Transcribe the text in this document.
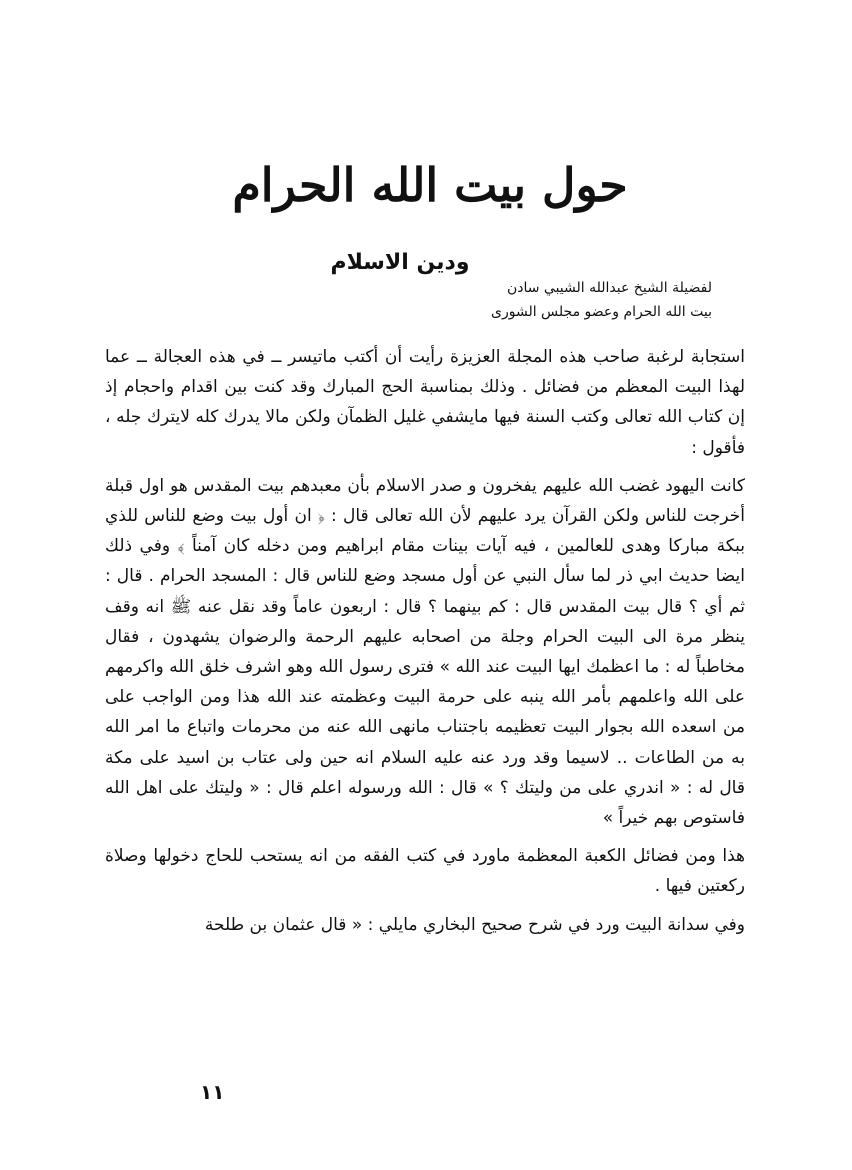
حول بيت الله الحرام
ودين الاسلام
لفضيلة الشيخ عبدالله الشيبي سادن
بيت الله الحرام وعضو مجلس الشورى

استجابة لرغبة صاحب هذه المجلة العزيزة رأيت أن أكتب ماتيسر ــ في هذه العجالة ــ عما لهذا البيت المعظم من فضائل . وذلك بمناسبة الحج المبارك وقد كنت بين اقدام واحجام إذ إن كتاب الله تعالى وكتب السنة فيها مايشفي غليل الظمآن ولكن مالا يدرك كله لايترك جله ، فأقول :

كانت اليهود غضب الله عليهم يفخرون و صدر الاسلام بأن معبدهم بيت المقدس هو اول قبلة أخرجت للناس ولكن القرآن يرد عليهم لأن الله تعالى قال : ﴿ ان أول بيت وضع للناس للذي ببكة مباركا وهدى للعالمين ، فيه آيات بينات مقام ابراهيم ومن دخله كان آمناً ﴾ وفي ذلك ايضا حديث ابي ذر لما سأل النبي عن أول مسجد وضع للناس قال : المسجد الحرام . قال : ثم أي ؟ قال بيت المقدس قال : كم بينهما ؟ قال : اربعون عاماً وقد نقل عنه ﷺ انه وقف ينظر مرة الى البيت الحرام وجلة من اصحابه عليهم الرحمة والرضوان يشهدون ، فقال مخاطباً له : ما اعظمك ايها البيت عند الله » فترى رسول الله وهو اشرف خلق الله واكرمهم على الله واعلمهم بأمر الله ينبه على حرمة البيت وعظمته عند الله هذا ومن الواجب على من اسعده الله بجوار البيت تعظيمه باجتناب مانهى الله عنه من محرمات واتباع ما امر الله به من الطاعات .. لاسيما وقد ورد عنه عليه السلام انه حين ولى عتاب بن اسيد على مكة قال له : « اندري على من وليتك ؟ » قال : الله ورسوله اعلم قال : « وليتك على اهل الله فاستوص بهم خيراً »

هذا ومن فضائل الكعبة المعظمة ماورد في كتب الفقه من انه يستحب للحاج دخولها وصلاة ركعتين فيها .

وفي سدانة البيت ورد في شرح صحيح البخاري مايلي : « قال عثمان بن طلحة

١١
